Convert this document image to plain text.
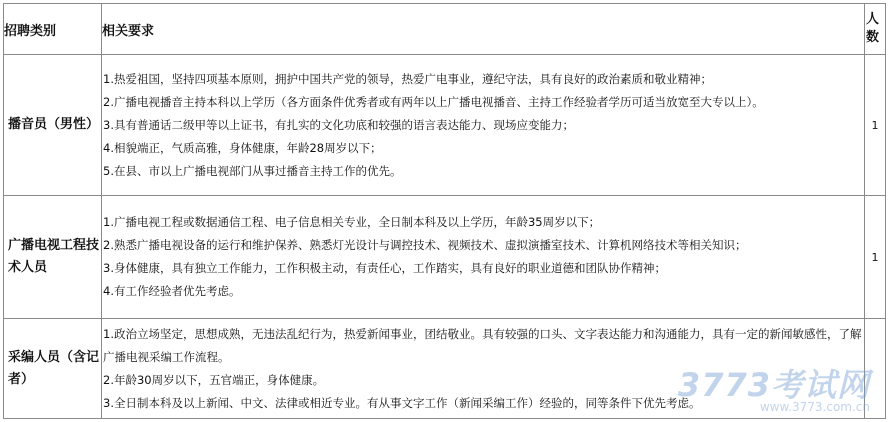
招聘类别	相关要求	人数
播音员（男性）	1.热爱祖国，坚持四项基本原则，拥护中国共产党的领导，热爱广电事业，遵纪守法，具有良好的政治素质和敬业精神；
2.广播电视播音主持本科以上学历（各方面条件优秀者或有两年以上广播电视播音、主持工作经验者学历可适当放宽至大专以上）。
3.具有普通话二级甲等以上证书，有扎实的文化功底和较强的语言表达能力、现场应变能力；
4.相貌端正，气质高雅，身体健康，年龄28周岁以下；
5.在县、市以上广播电视部门从事过播音主持工作的优先。	1
广播电视工程技术人员	1.广播电视工程或数据通信工程、电子信息相关专业，全日制本科及以上学历，年龄35周岁以下；
2.熟悉广播电视设备的运行和维护保养、熟悉灯光设计与调控技术、视频技术、虚拟演播室技术、计算机网络技术等相关知识；
3.身体健康，具有独立工作能力，工作积极主动，有责任心，工作踏实，具有良好的职业道德和团队协作精神；
4.有工作经验者优先考虑。	1
采编人员（含记者）	1.政治立场坚定，思想成熟，无违法乱纪行为，热爱新闻事业，团结敬业。具有较强的口头、文字表达能力和沟通能力，具有一定的新闻敏感性，了解广播电视采编工作流程。
2.年龄30周岁以下，五官端正，身体健康。
3.全日制本科及以上新闻、中文、法律或相近专业。有从事文字工作（新闻采编工作）经验的，同等条件下优先考虑。	

3773考试网
www.3773.com.cn
